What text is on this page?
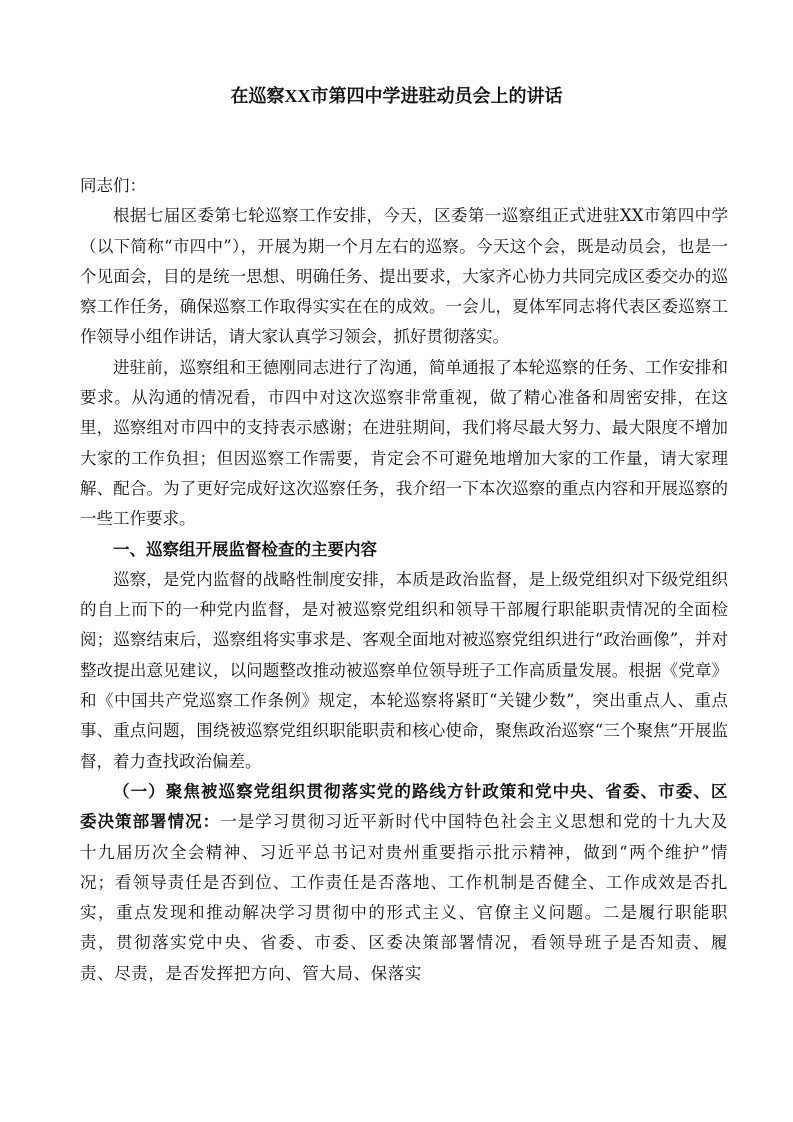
在巡察XX市第四中学进驻动员会上的讲话

同志们：

根据七届区委第七轮巡察工作安排，今天，区委第一巡察组正式进驻XX市第四中学（以下简称“市四中”），开展为期一个月左右的巡察。今天这个会，既是动员会，也是一个见面会，目的是统一思想、明确任务、提出要求，大家齐心协力共同完成区委交办的巡察工作任务，确保巡察工作取得实实在在的成效。一会儿，夏体军同志将代表区委巡察工作领导小组作讲话，请大家认真学习领会，抓好贯彻落实。

进驻前，巡察组和王德刚同志进行了沟通，简单通报了本轮巡察的任务、工作安排和要求。从沟通的情况看，市四中对这次巡察非常重视，做了精心准备和周密安排，在这里，巡察组对市四中的支持表示感谢；在进驻期间，我们将尽最大努力、最大限度不增加大家的工作负担；但因巡察工作需要，肯定会不可避免地增加大家的工作量，请大家理解、配合。为了更好完成好这次巡察任务，我介绍一下本次巡察的重点内容和开展巡察的一些工作要求。

一、巡察组开展监督检查的主要内容

巡察，是党内监督的战略性制度安排，本质是政治监督，是上级党组织对下级党组织的自上而下的一种党内监督，是对被巡察党组织和领导干部履行职能职责情况的全面检阅；巡察结束后，巡察组将实事求是、客观全面地对被巡察党组织进行“政治画像”，并对整改提出意见建议，以问题整改推动被巡察单位领导班子工作高质量发展。根据《党章》和《中国共产党巡察工作条例》规定，本轮巡察将紧盯“关键少数”，突出重点人、重点事、重点问题，围绕被巡察党组织职能职责和核心使命，聚焦政治巡察“三个聚焦”开展监督，着力查找政治偏差。

（一）聚焦被巡察党组织贯彻落实党的路线方针政策和党中央、省委、市委、区委决策部署情况：一是学习贯彻习近平新时代中国特色社会主义思想和党的十九大及十九届历次全会精神、习近平总书记对贵州重要指示批示精神，做到“两个维护”情况；看领导责任是否到位、工作责任是否落地、工作机制是否健全、工作成效是否扎实，重点发现和推动解决学习贯彻中的形式主义、官僚主义问题。二是履行职能职责，贯彻落实党中央、省委、市委、区委决策部署情况，看领导班子是否知责、履责、尽责，是否发挥把方向、管大局、保落实
